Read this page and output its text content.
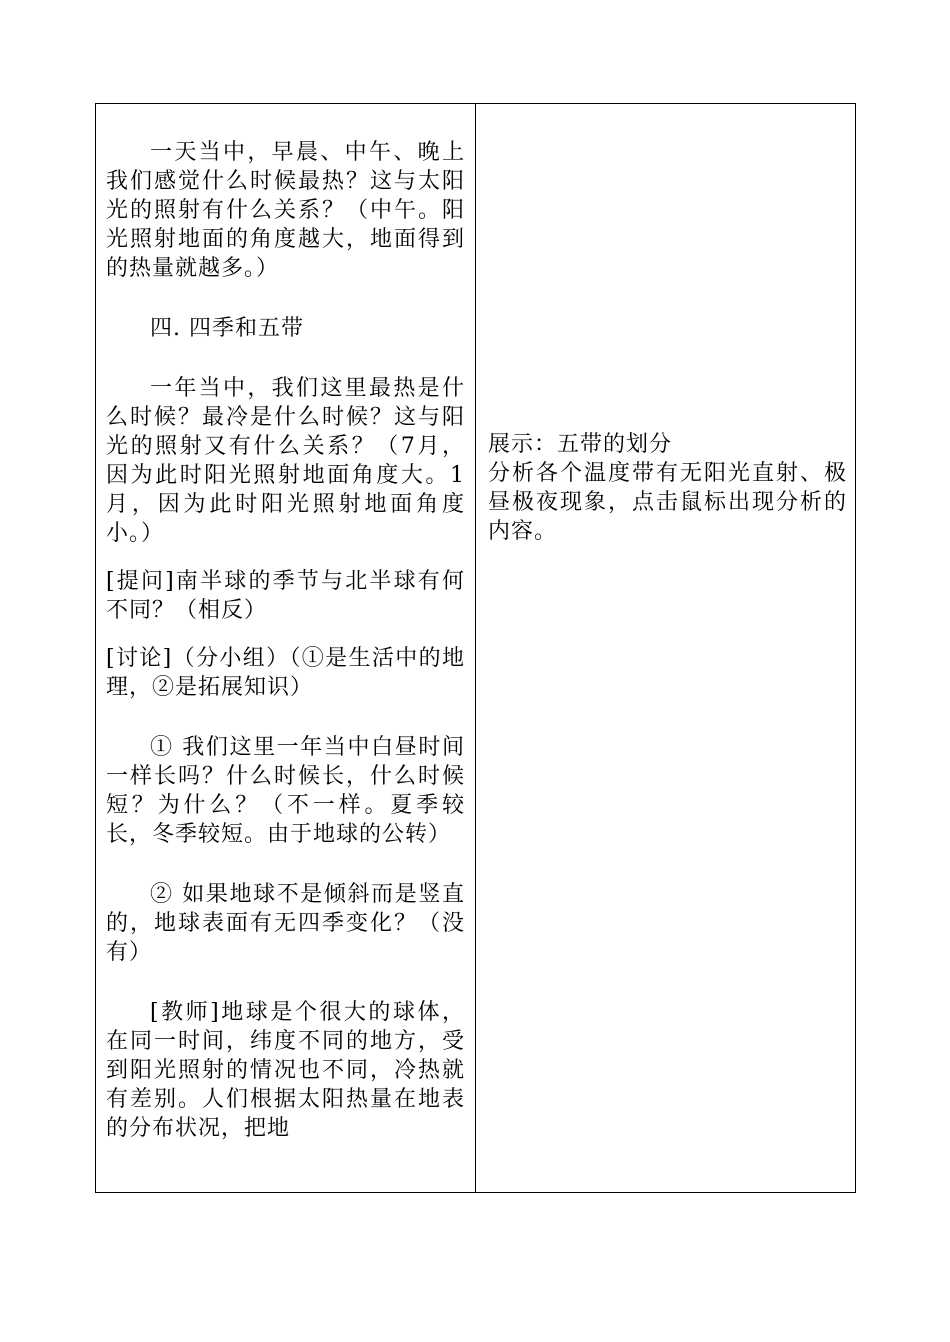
一天当中，早晨、中午、晚上我们感觉什么时候最热？这与太阳光的照射有什么关系？（中午。阳光照射地面的角度越大，地面得到的热量就越多。）

四. 四季和五带

一年当中，我们这里最热是什么时候？最冷是什么时候？这与阳光的照射又有什么关系？（7月，因为此时阳光照射地面角度大。1月，因为此时阳光照射地面角度小。）

[提问]南半球的季节与北半球有何不同？（相反）

[讨论]（分小组）（①是生活中的地理，②是拓展知识）

① 我们这里一年当中白昼时间一样长吗？什么时候长，什么时候短？为什么？（不一样。夏季较长，冬季较短。由于地球的公转）

② 如果地球不是倾斜而是竖直的，地球表面有无四季变化？（没有）

[教师]地球是个很大的球体，在同一时间，纬度不同的地方，受到阳光照射的情况也不同，冷热就有差别。人们根据太阳热量在地表的分布状况，把地

展示：五带的划分

分析各个温度带有无阳光直射、极昼极夜现象，点击鼠标出现分析的内容。
